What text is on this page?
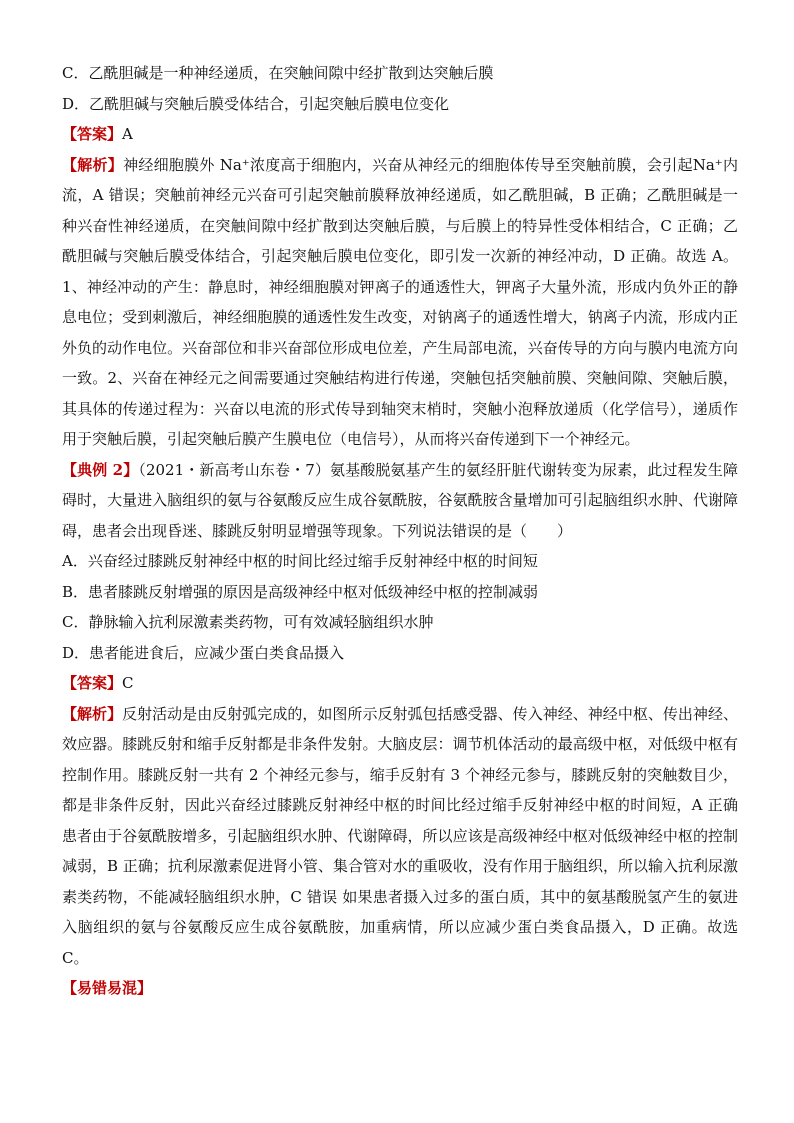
C．乙酰胆碱是一种神经递质，在突触间隙中经扩散到达突触后膜
D．乙酰胆碱与突触后膜受体结合，引起突触后膜电位变化
【答案】A
【解析】神经细胞膜外 Na⁺浓度高于细胞内，兴奋从神经元的细胞体传导至突触前膜，会引起Na⁺内流，A 错误；突触前神经元兴奋可引起突触前膜释放神经递质，如乙酰胆碱，B 正确；乙酰胆碱是一种兴奋性神经递质，在突触间隙中经扩散到达突触后膜，与后膜上的特异性受体相结合，C 正确；乙酰胆碱与突触后膜受体结合，引起突触后膜电位变化，即引发一次新的神经冲动，D 正确。故选 A。1、神经冲动的产生：静息时，神经细胞膜对钾离子的通透性大，钾离子大量外流，形成内负外正的静息电位；受到刺激后，神经细胞膜的通透性发生改变，对钠离子的通透性增大，钠离子内流，形成内正外负的动作电位。兴奋部位和非兴奋部位形成电位差，产生局部电流，兴奋传导的方向与膜内电流方向一致。2、兴奋在神经元之间需要通过突触结构进行传递，突触包括突触前膜、突触间隙、突触后膜，其具体的传递过程为：兴奋以电流的形式传导到轴突末梢时，突触小泡释放递质（化学信号），递质作用于突触后膜，引起突触后膜产生膜电位（电信号），从而将兴奋传递到下一个神经元。
【典例 2】（2021・新高考山东卷・7）氨基酸脱氨基产生的氨经肝脏代谢转变为尿素，此过程发生障碍时，大量进入脑组织的氨与谷氨酸反应生成谷氨酰胺，谷氨酰胺含量增加可引起脑组织水肿、代谢障碍，患者会出现昏迷、膝跳反射明显增强等现象。下列说法错误的是（　　）
A．兴奋经过膝跳反射神经中枢的时间比经过缩手反射神经中枢的时间短
B．患者膝跳反射增强的原因是高级神经中枢对低级神经中枢的控制减弱
C．静脉输入抗利尿激素类药物，可有效减轻脑组织水肿
D．患者能进食后，应减少蛋白类食品摄入
【答案】C
【解析】反射活动是由反射弧完成的，如图所示反射弧包括感受器、传入神经、神经中枢、传出神经、效应器。膝跳反射和缩手反射都是非条件发射。大脑皮层：调节机体活动的最高级中枢，对低级中枢有控制作用。膝跳反射一共有 2 个神经元参与，缩手反射有 3 个神经元参与，膝跳反射的突触数目少，都是非条件反射，因此兴奋经过膝跳反射神经中枢的时间比经过缩手反射神经中枢的时间短，A 正确 患者由于谷氨酰胺增多，引起脑组织水肿、代谢障碍，所以应该是高级神经中枢对低级神经中枢的控制减弱，B 正确；抗利尿激素促进肾小管、集合管对水的重吸收，没有作用于脑组织，所以输入抗利尿激素类药物，不能减轻脑组织水肿，C 错误 如果患者摄入过多的蛋白质，其中的氨基酸脱氢产生的氨进入脑组织的氨与谷氨酸反应生成谷氨酰胺，加重病情，所以应减少蛋白类食品摄入，D 正确。故选 C。
【易错易混】
